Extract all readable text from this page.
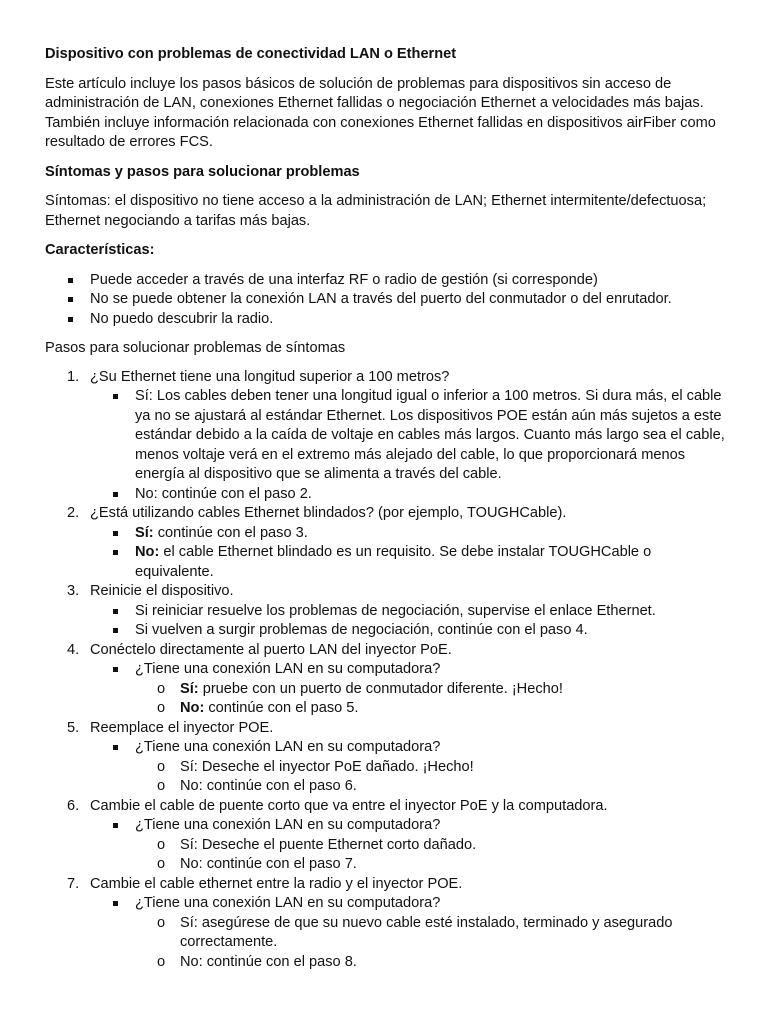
Dispositivo con problemas de conectividad LAN o Ethernet

Este artículo incluye los pasos básicos de solución de problemas para dispositivos sin acceso de administración de LAN, conexiones Ethernet fallidas o negociación Ethernet a velocidades más bajas. También incluye información relacionada con conexiones Ethernet fallidas en dispositivos airFiber como resultado de errores FCS.

Síntomas y pasos para solucionar problemas

Síntomas: el dispositivo no tiene acceso a la administración de LAN; Ethernet intermitente/defectuosa; Ethernet negociando a tarifas más bajas.

Características:
Puede acceder a través de una interfaz RF o radio de gestión (si corresponde)
No se puede obtener la conexión LAN a través del puerto del conmutador o del enrutador.
No puedo descubrir la radio.

Pasos para solucionar problemas de síntomas

1. ¿Su Ethernet tiene una longitud superior a 100 metros?
Sí: Los cables deben tener una longitud igual o inferior a 100 metros. Si dura más, el cable ya no se ajustará al estándar Ethernet. Los dispositivos POE están aún más sujetos a este estándar debido a la caída de voltaje en cables más largos. Cuanto más largo sea el cable, menos voltaje verá en el extremo más alejado del cable, lo que proporcionará menos energía al dispositivo que se alimenta a través del cable.
No: continúe con el paso 2.
2. ¿Está utilizando cables Ethernet blindados? (por ejemplo, TOUGHCable).
Sí: continúe con el paso 3.
No: el cable Ethernet blindado es un requisito. Se debe instalar TOUGHCable o equivalente.
3. Reinicie el dispositivo.
Si reiniciar resuelve los problemas de negociación, supervise el enlace Ethernet.
Si vuelven a surgir problemas de negociación, continúe con el paso 4.
4. Conéctelo directamente al puerto LAN del inyector PoE.
¿Tiene una conexión LAN en su computadora?
o Sí: pruebe con un puerto de conmutador diferente. ¡Hecho!
o No: continúe con el paso 5.
5. Reemplace el inyector POE.
¿Tiene una conexión LAN en su computadora?
o Sí: Deseche el inyector PoE dañado. ¡Hecho!
o No: continúe con el paso 6.
6. Cambie el cable de puente corto que va entre el inyector PoE y la computadora.
¿Tiene una conexión LAN en su computadora?
o Sí: Deseche el puente Ethernet corto dañado.
o No: continúe con el paso 7.
7. Cambie el cable ethernet entre la radio y el inyector POE.
¿Tiene una conexión LAN en su computadora?
o Sí: asegúrese de que su nuevo cable esté instalado, terminado y asegurado correctamente.
o No: continúe con el paso 8.
